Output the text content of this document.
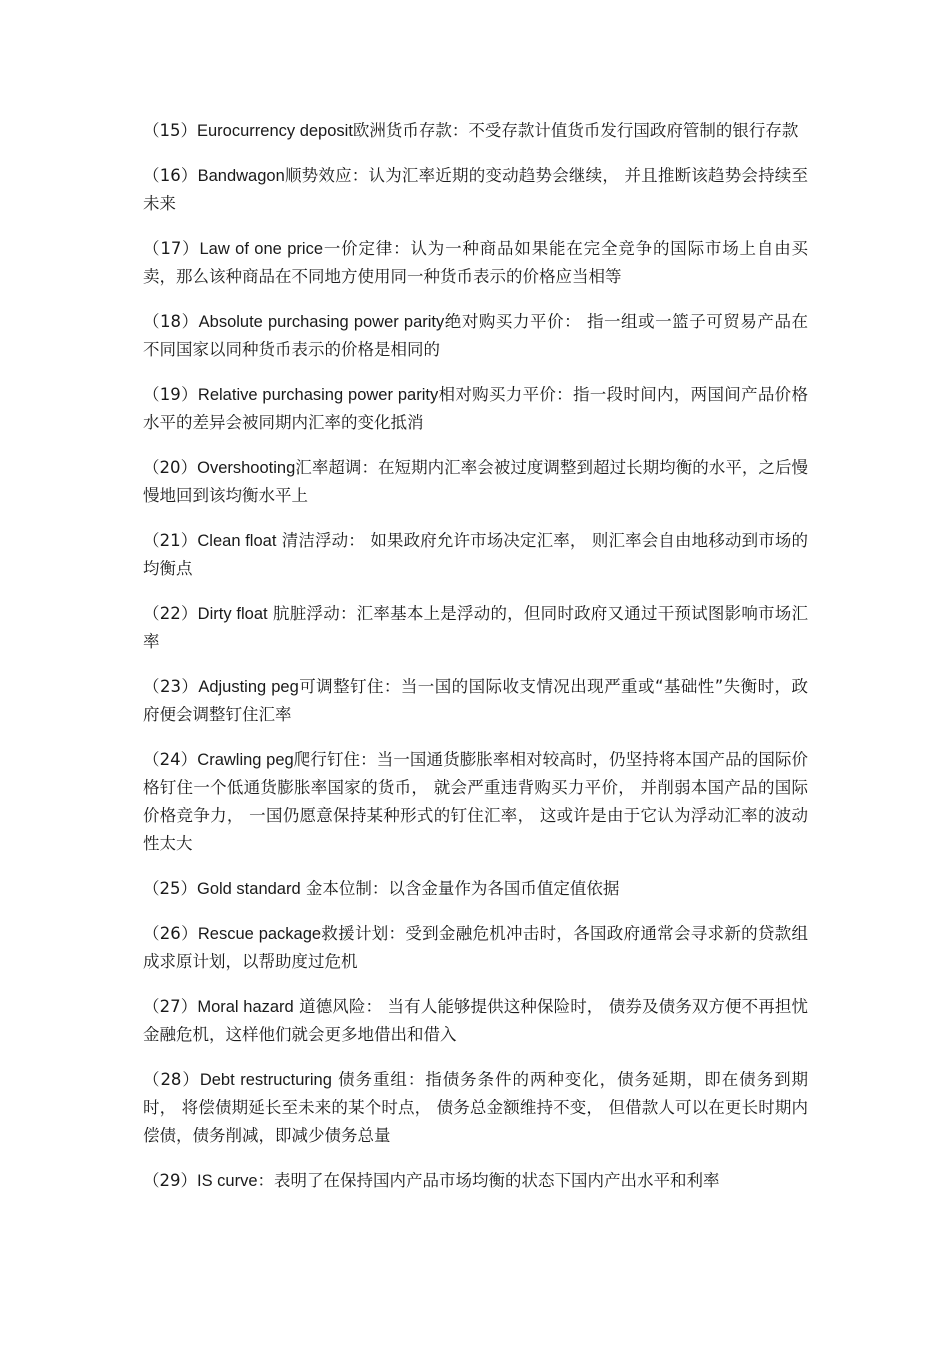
（15）Eurocurrency deposit欧洲货币存款：不受存款计值货币发行国政府管制的银行存款

（16）Bandwagon顺势效应：认为汇率近期的变动趋势会继续， 并且推断该趋势会持续至未来

（17）Law of one price一价定律：认为一种商品如果能在完全竞争的国际市场上自由买卖，那么该种商品在不同地方使用同一种货币表示的价格应当相等

（18）Absolute purchasing power parity绝对购买力平价： 指一组或一篮子可贸易产品在不同国家以同种货币表示的价格是相同的

（19）Relative purchasing power parity相对购买力平价：指一段时间内，两国间产品价格水平的差异会被同期内汇率的变化抵消

（20）Overshooting汇率超调：在短期内汇率会被过度调整到超过长期均衡的水平，之后慢慢地回到该均衡水平上

（21）Clean float 清洁浮动： 如果政府允许市场决定汇率， 则汇率会自由地移动到市场的均衡点

（22）Dirty float 肮脏浮动：汇率基本上是浮动的，但同时政府又通过干预试图影响市场汇率

（23）Adjusting peg可调整钉住：当一国的国际收支情况出现严重或“基础性”失衡时，政府便会调整钉住汇率

（24）Crawling peg爬行钉住：当一国通货膨胀率相对较高时，仍坚持将本国产品的国际价格钉住一个低通货膨胀率国家的货币， 就会严重违背购买力平价， 并削弱本国产品的国际价格竞争力， 一国仍愿意保持某种形式的钉住汇率， 这或许是由于它认为浮动汇率的波动性太大

（25）Gold standard 金本位制：以含金量作为各国币值定值依据

（26）Rescue package救援计划：受到金融危机冲击时，各国政府通常会寻求新的贷款组成求原计划，以帮助度过危机

（27）Moral hazard 道德风险： 当有人能够提供这种保险时， 债券及债务双方便不再担忧金融危机，这样他们就会更多地借出和借入

（28）Debt restructuring 债务重组：指债务条件的两种变化，债务延期，即在债务到期时， 将偿债期延长至未来的某个时点， 债务总金额维持不变， 但借款人可以在更长时期内偿债，债务削减，即减少债务总量

（29）IS curve：表明了在保持国内产品市场均衡的状态下国内产出水平和利率
